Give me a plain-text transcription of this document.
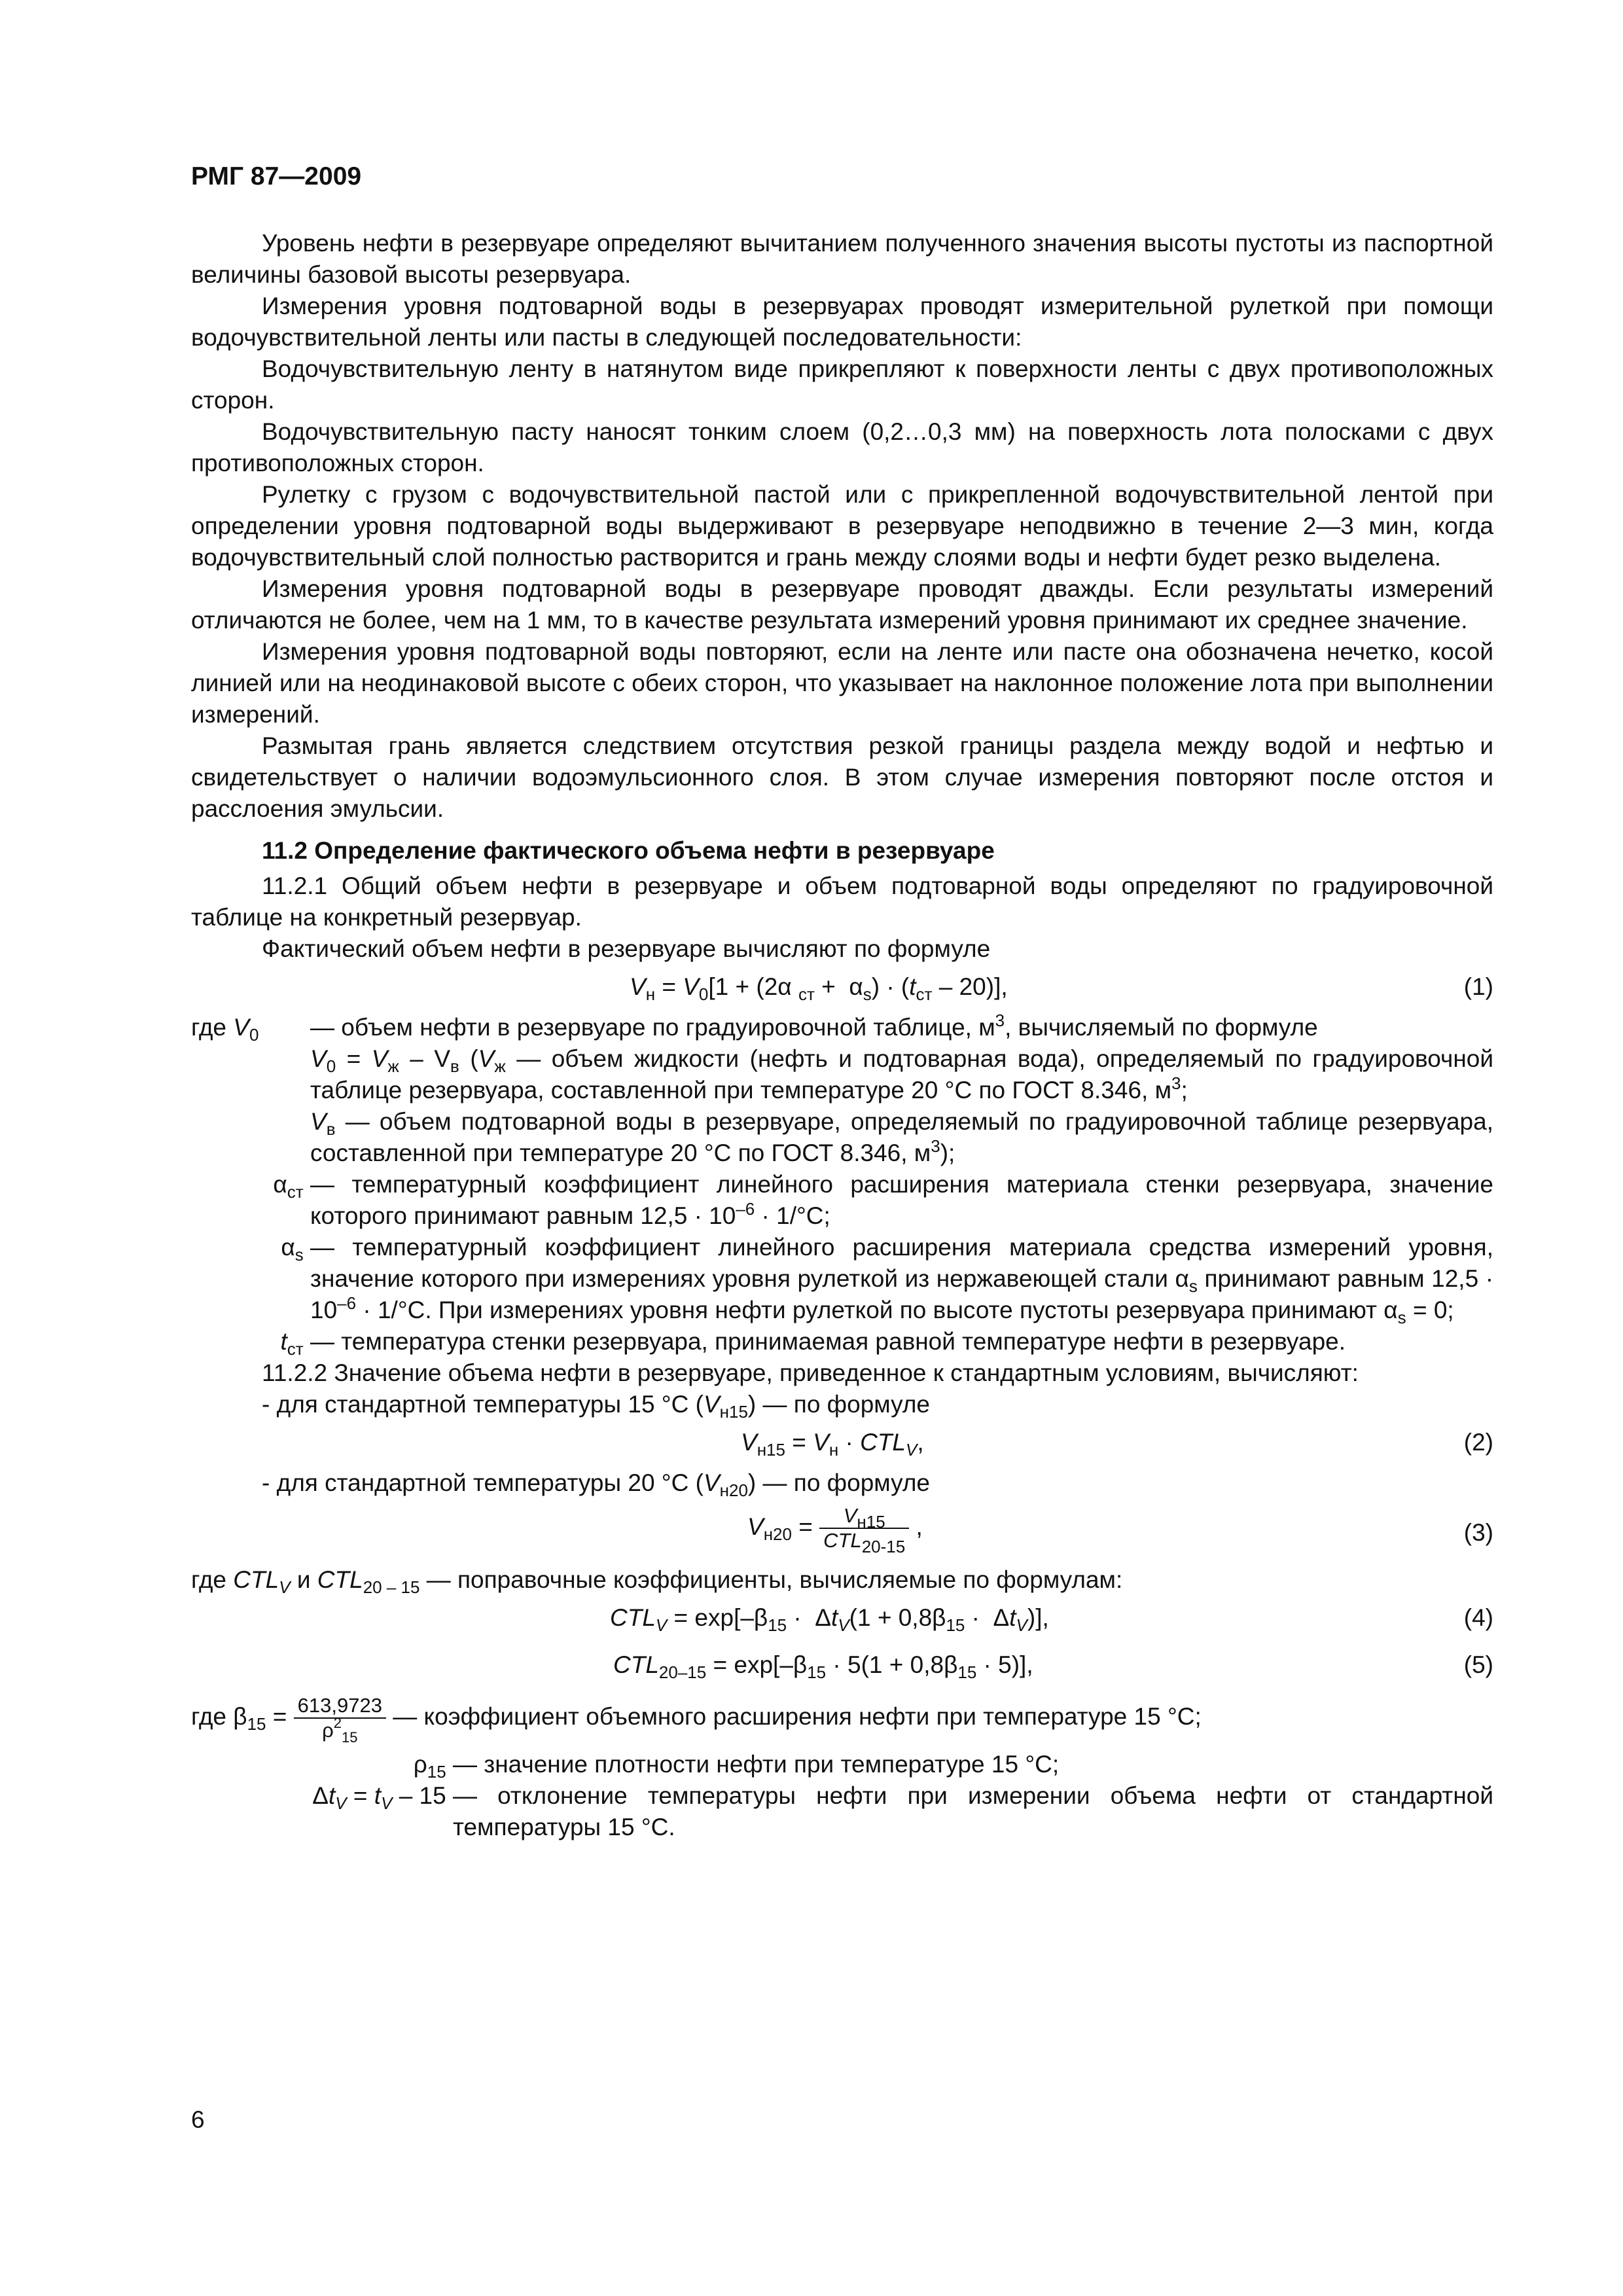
РМГ 87—2009

Уровень нефти в резервуаре определяют вычитанием полученного значения высоты пустоты из паспортной величины базовой высоты резервуара.

Измерения уровня подтоварной воды в резервуарах проводят измерительной рулеткой при помощи водочувствительной ленты или пасты в следующей последовательности:

Водочувствительную ленту в натянутом виде прикрепляют к поверхности ленты с двух противоположных сторон.

Водочувствительную пасту наносят тонким слоем (0,2…0,3 мм) на поверхность лота полосками с двух противоположных сторон.

Рулетку с грузом с водочувствительной пастой или с прикрепленной водочувствительной лентой при определении уровня подтоварной воды выдерживают в резервуаре неподвижно в течение 2—3 мин, когда водочувствительный слой полностью растворится и грань между слоями воды и нефти будет резко выделена.

Измерения уровня подтоварной воды в резервуаре проводят дважды. Если результаты измерений отличаются не более, чем на 1 мм, то в качестве результата измерений уровня принимают их среднее значение.

Измерения уровня подтоварной воды повторяют, если на ленте или пасте она обозначена нечетко, косой линией или на неодинаковой высоте с обеих сторон, что указывает на наклонное положение лота при выполнении измерений.

Размытая грань является следствием отсутствия резкой границы раздела между водой и нефтью и свидетельствует о наличии водоэмульсионного слоя. В этом случае измерения повторяют после отстоя и расслоения эмульсии.

11.2 Определение фактического объема нефти в резервуаре

11.2.1 Общий объем нефти в резервуаре и объем подтоварной воды определяют по градуировочной таблице на конкретный резервуар.

Фактический объем нефти в резервуаре вычисляют по формуле

$V_н = V_0[1 + (2\alpha$ $_{ст} + \alpha_s) \cdot (t_{ст} - 20)$],	(1)
где $V_0$	— объем нефти в резервуаре по градуировочной таблице, $м^3$, вычисляемый по формуле
$V_0 = V_ж - V_в$ ($V_ж$ — объем жидкости (нефть и подтоварная вода), определяемый по градуировочной таблице резервуара, составленной при температуре 20 °С по ГОСТ 8.346, $м^3$;
$V_в$ — объем подтоварной воды в резервуаре, определяемый по градуировочной таблице резервуара, составленной при температуре 20 °С по ГОСТ 8.346, $м^3$);
$\alpha_{ст}$ — температурный коэффициент линейного расширения материала стенки резервуара, значение которого принимают равным $12,5 \cdot 10^{-6} \cdot 1/^\circ С$;
$\alpha_s$ — температурный коэффициент линейного расширения материала средства измерений уровня, значение которого при измерениях уровня рулеткой из нержавеющей стали $\alpha_s$ принимают равным $12,5 \cdot 10^{-6} \cdot 1/^\circ С$. При измерениях уровня нефти рулеткой по высоте пустоты резервуара принимают $\alpha_s = 0$;
$t_{ст}$ — температура стенки резервуара, принимаемая равной температуре нефти в резервуаре.

11.2.2 Значение объема нефти в резервуаре, приведенное к стандартным условиям, вычисляют:

- для стандартной температуры 15 °С $(V_{н15})$ — по формуле

$V_{н15} = V_н \cdot CTL_V$,	(2)

- для стандартной температуры 20 °С $(V_{н20})$ — по формуле

$V_{н20} = \frac{V_{н15}}{CTL_{20-15}}$ ,	(3)

где $CTL_V$ и $CTL_{20 - 15}$ — поправочные коэффициенты, вычисляемые по формулам:

$CTL_V = \exp[-\beta_{15} \cdot \Delta t_V(1 + 0,8\beta_{15} \cdot \Delta t_V)]$,	(4)
$CTL_{20-15} = \exp[-\beta_{15} \cdot 5(1 + 0,8\beta_{15} \cdot 5)]$,	(5)

где $\beta_{15} = \frac{613,9723}{\rho^2_{15}}$ — коэффициент объемного расширения нефти при температуре 15 °С;

$\rho_{15}$ — значение плотности нефти при температуре 15 °С;
$\Delta t_V = t_V - 15$ — отклонение температуры нефти при измерении объема нефти от стандартной температуры 15 °С.
6
